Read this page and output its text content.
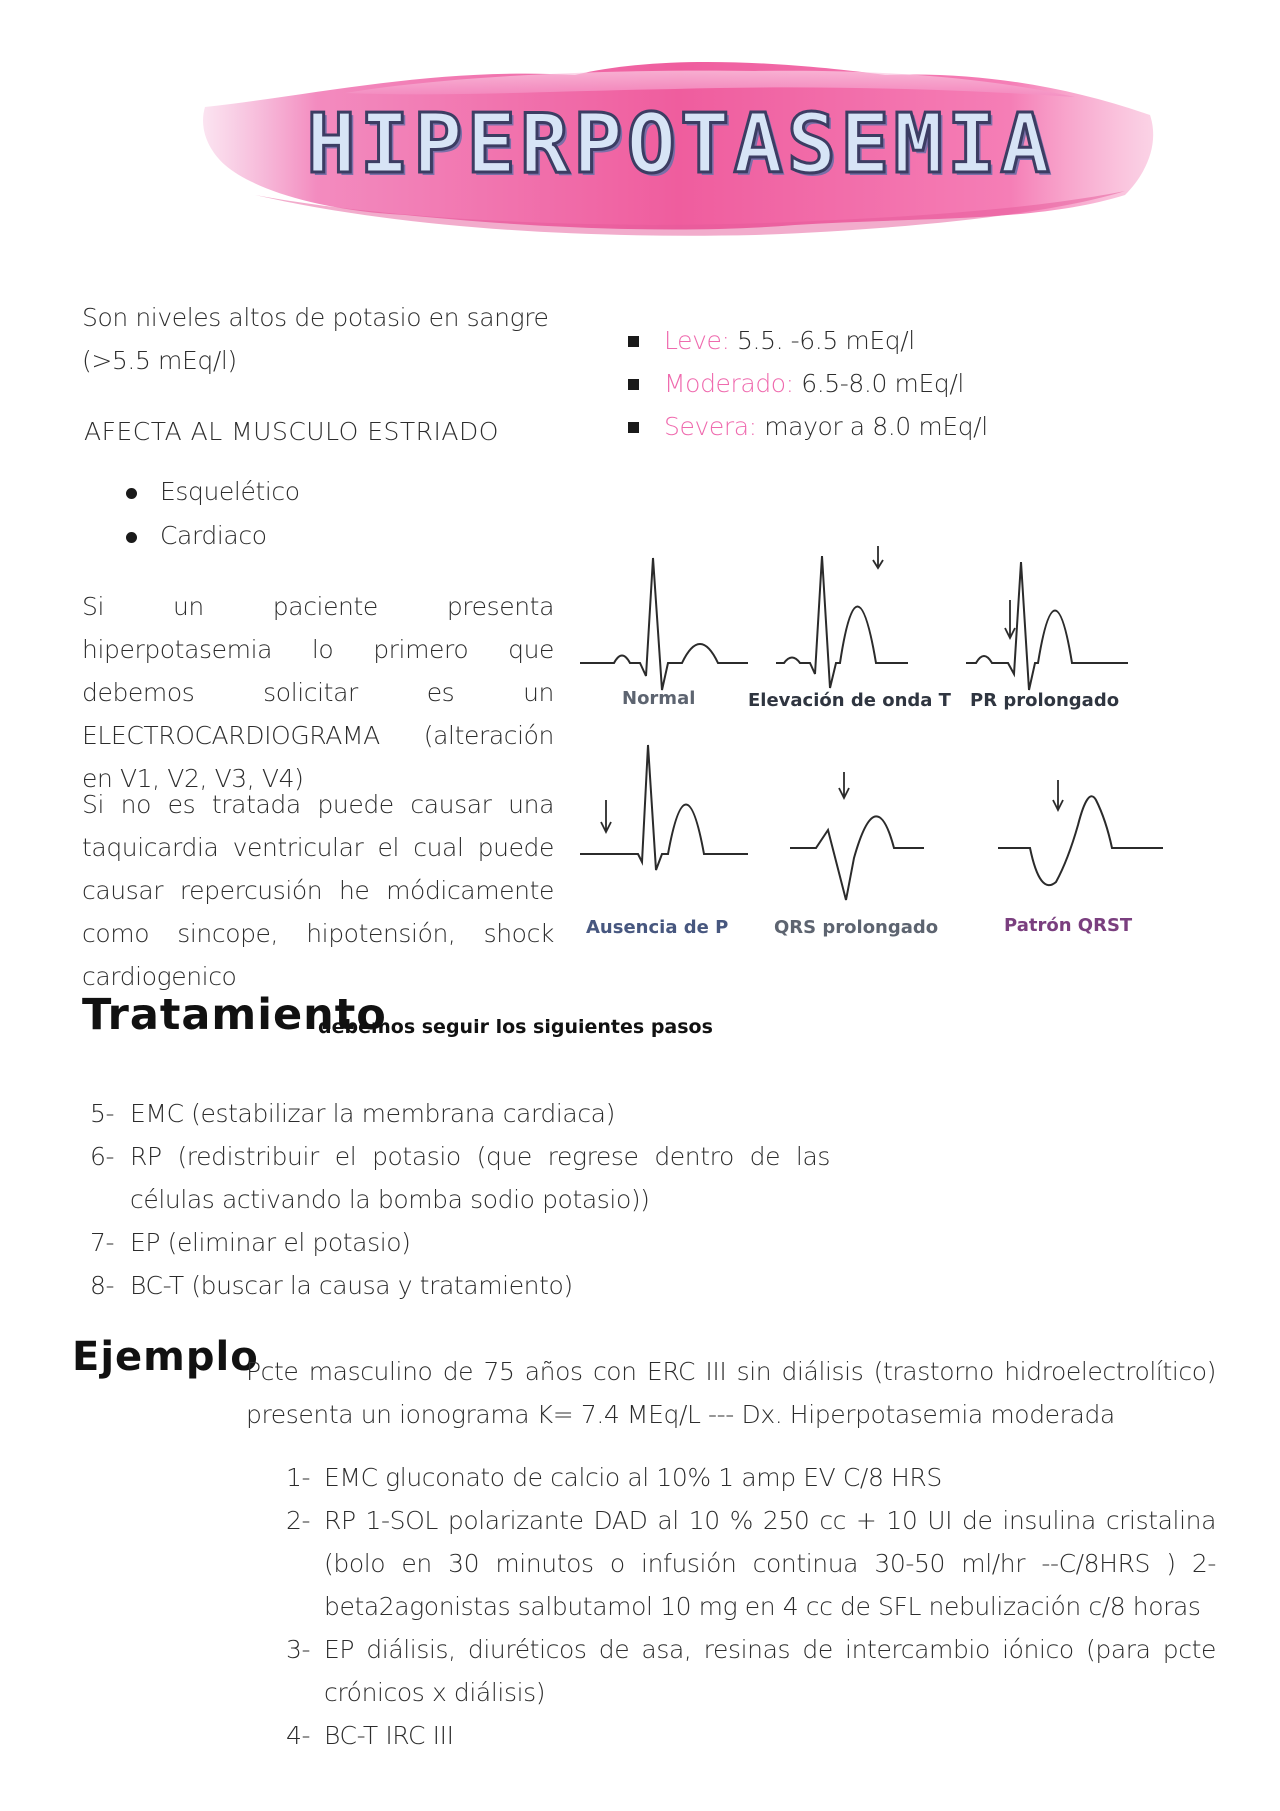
HIPERPOTASEMIA
Son niveles altos de potasio en sangre (>5.5 mEq/l)
AFECTA AL MUSCULO ESTRIADO
Esquelético
Cardiaco
Si un paciente presenta hiperpotasemia lo primero que debemos solicitar es un ELECTROCARDIOGRAMA (alteración en V1, V2, V3, V4)
Si no es tratada puede causar una taquicardia ventricular el cual puede causar repercusión he módicamente como sincope, hipotensión, shock cardiogenico
Leve: 5.5. -6.5 mEq/l
Moderado: 6.5-8.0 mEq/l
Severa: mayor a 8.0 mEq/l
Normal	Elevación de onda T PR prolongado
Ausencia de P	QRS prolongado	Patrón QRST
Tratamiento
debemos seguir los siguientes pasos
5- EMC (estabilizar la membrana cardiaca)
6- RP (redistribuir el potasio (que regrese dentro de las células activando la bomba sodio potasio))
7- EP (eliminar el potasio)
8- BC-T (buscar la causa y tratamiento)
Ejemplo
Pcte masculino de 75 años con ERC III sin diálisis (trastorno hidroelectrolítico) presenta un ionograma K= 7.4 MEq/L --- Dx. Hiperpotasemia moderada
1- EMC gluconato de calcio al 10% 1 amp EV C/8 HRS
2- RP 1-SOL polarizante DAD al 10 % 250 cc + 10 UI de insulina cristalina (bolo en 30 minutos o infusión continua 30-50 ml/hr --C/8HRS ) 2-beta2agonistas salbutamol 10 mg en 4 cc de SFL nebulización c/8 horas
3- EP diálisis, diuréticos de asa, resinas de intercambio iónico (para pcte crónicos x diálisis)
4- BC-T IRC III
